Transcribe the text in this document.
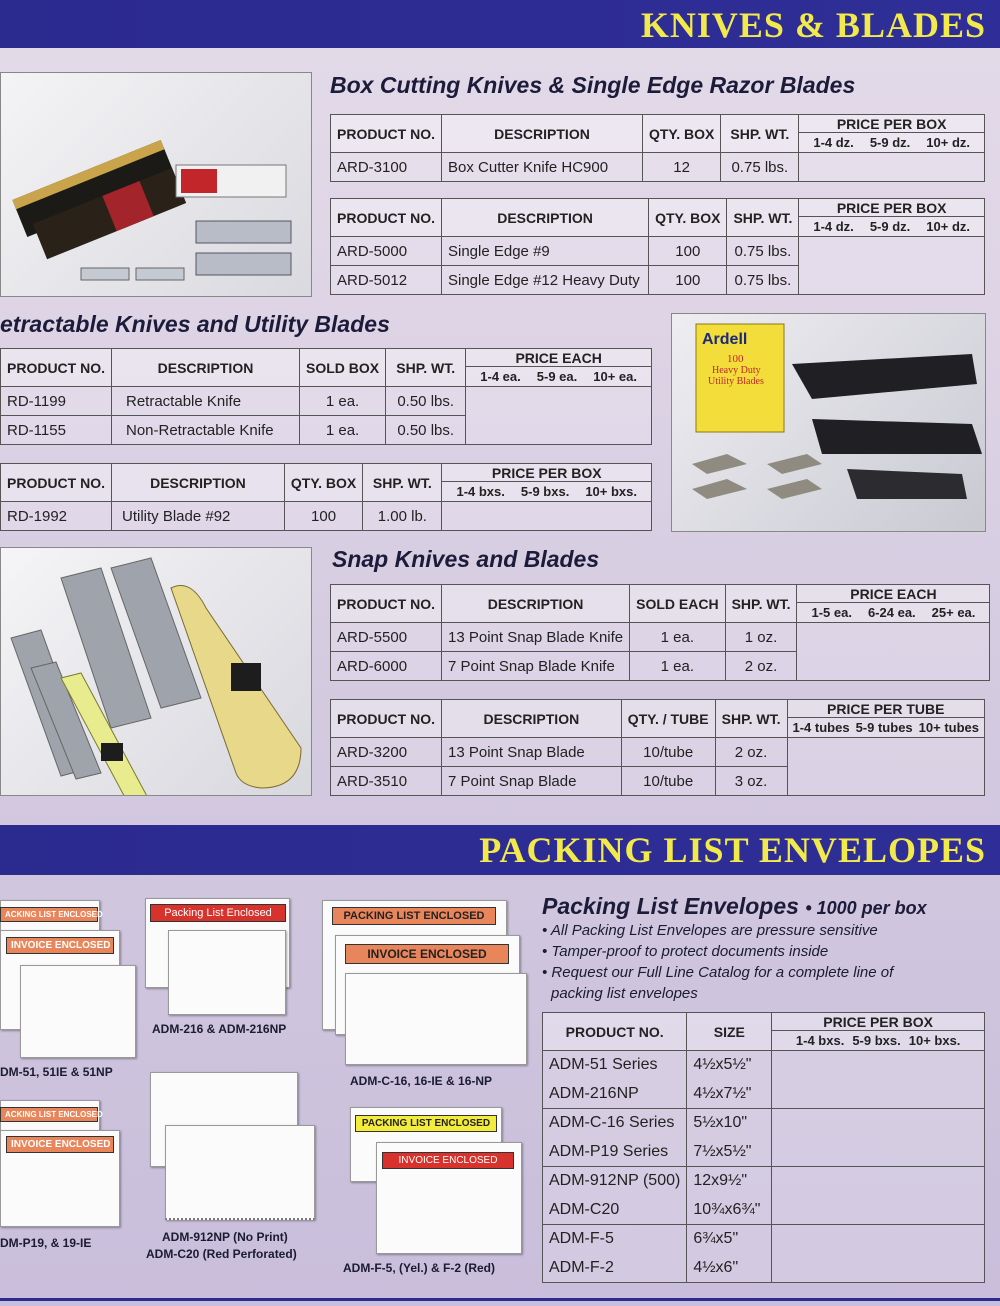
KNIVES & BLADES
Box Cutting Knives & Single Edge Razor Blades
PRODUCT NO.	DESCRIPTION	QTY. BOX	SHP. WT.	PRICE PER BOX
				1-4 dz. 5-9 dz. 10+ dz.
ARD-3100	Box Cutter Knife HC900	12	0.75 lbs.	
PRODUCT NO.	DESCRIPTION	QTY. BOX	SHP. WT.	PRICE PER BOX
				1-4 dz. 5-9 dz. 10+ dz.
ARD-5000	Single Edge #9	100	0.75 lbs.	
ARD-5012	Single Edge #12 Heavy Duty	100	0.75 lbs.	
etractable Knives and Utility Blades
PRODUCT NO.	DESCRIPTION	SOLD BOX	SHP. WT.	PRICE EACH
				1-4 ea. 5-9 ea. 10+ ea.
RD-1199	Retractable Knife	1 ea.	0.50 lbs.	
RD-1155	Non-Retractable Knife	1 ea.	0.50 lbs.	
PRODUCT NO.	DESCRIPTION	QTY. BOX	SHP. WT.	PRICE PER BOX
				1-4 bxs. 5-9 bxs. 10+ bxs.
RD-1992	Utility Blade #92	100	1.00 lb.	
Ardell
100
Heavy Duty
Utility Blades
Snap Knives and Blades
PRODUCT NO.	DESCRIPTION	SOLD EACH	SHP. WT.	PRICE EACH
				1-5 ea. 6-24 ea. 25+ ea.
ARD-5500	13 Point Snap Blade Knife	1 ea.	1 oz.	
ARD-6000	7 Point Snap Blade Knife	1 ea.	2 oz.	
PRODUCT NO.	DESCRIPTION	QTY. / TUBE	SHP. WT.	PRICE PER TUBE
				1-4 tubes 5-9 tubes 10+ tubes
ARD-3200	13 Point Snap Blade	10/tube	2 oz.	
ARD-3510	7 Point Snap Blade	10/tube	3 oz.	
PACKING LIST ENVELOPES
ACKING LIST ENCLOSED
INVOICE ENCLOSED
DM-51, 51IE & 51NP
Packing List Enclosed
ADM-216 & ADM-216NP
PACKING LIST ENCLOSED
INVOICE ENCLOSED
ADM-C-16, 16-IE & 16-NP
ACKING LIST ENCLOSED
INVOICE ENCLOSED
DM-P19, & 19-IE	ADM-912NP (No Print)
ADM-C20 (Red Perforated)
PACKING LIST ENCLOSED
INVOICE ENCLOSED
ADM-F-5, (Yel.) & F-2 (Red)
Packing List Envelopes • 1000 per box
• All Packing List Envelopes are pressure sensitive
• Tamper-proof to protect documents inside
• Request our Full Line Catalog for a complete line of
packing list envelopes
PRODUCT NO.	SIZE	PRICE PER BOX
		1-4 bxs. 5-9 bxs. 10+ bxs.
ADM-51 Series	4½x5½"	
ADM-216NP	4½x7½"	
ADM-C-16 Series	5½x10"	
ADM-P19 Series	7½x5½"	
ADM-912NP (500)	12x9½"	
ADM-C20	10¾x6¾"	
ADM-F-5	6¾x5"	
ADM-F-2	4½x6"	
